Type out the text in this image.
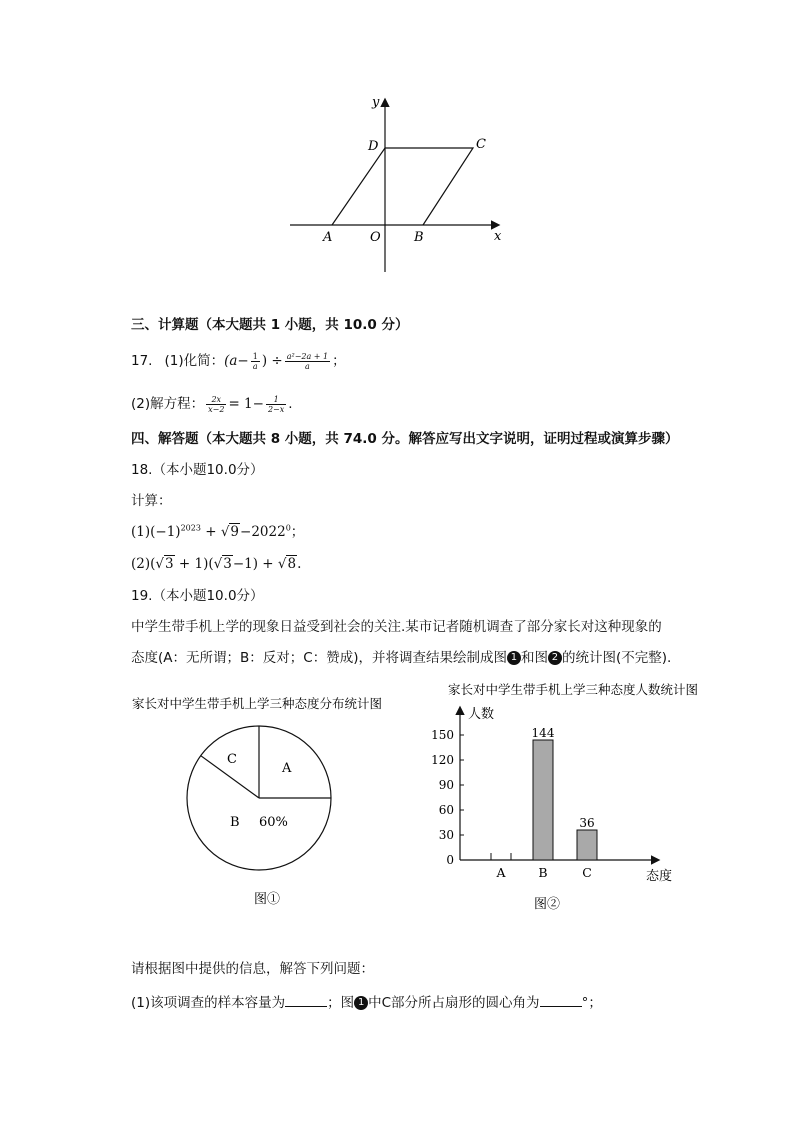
y
D	C
A	O	B	x
三、计算题（本大题共 1 小题，共 10.0 分）
17. (1)化简： ($a- \frac{1}{a}$ ) ÷ $\frac{\text{a²−2a + 1}}{a}$ ；
(2)解方程： $\frac{2x}{x-2} = 1- \frac{1}{2-x}$ .
四、解答题（本大题共 8 小题，共 74.0 分。解答应写出文字说明，证明过程或演算步骤）
18.（本小题10.0分）
计算：
$(1)(-1)^{2023} + √9-2022^0$；
(2)(√3 + 1)(√3−1) + √8.
19.（本小题10.0分）
中学生带手机上学的现象日益受到社会的关注.某市记者随机调查了部分家长对这种现象的
态度(A：无所谓；B：反对；C：赞成)，并将调查结果绘制成图 1 和图 2 的统计图(不完整).
家长对中学生带手机上学三种态度分布统计图
A
B
C
60%
图①
家长对中学生带手机上学三种态度人数统计图
0
30
60
90
120
150
A
144
B
36
C
人数
态度
图②
请根据图中提供的信息，解答下列问题：
(1)该项调查的样本容量为	；图 1 中C部分所占扇形的圆心角为	°；
